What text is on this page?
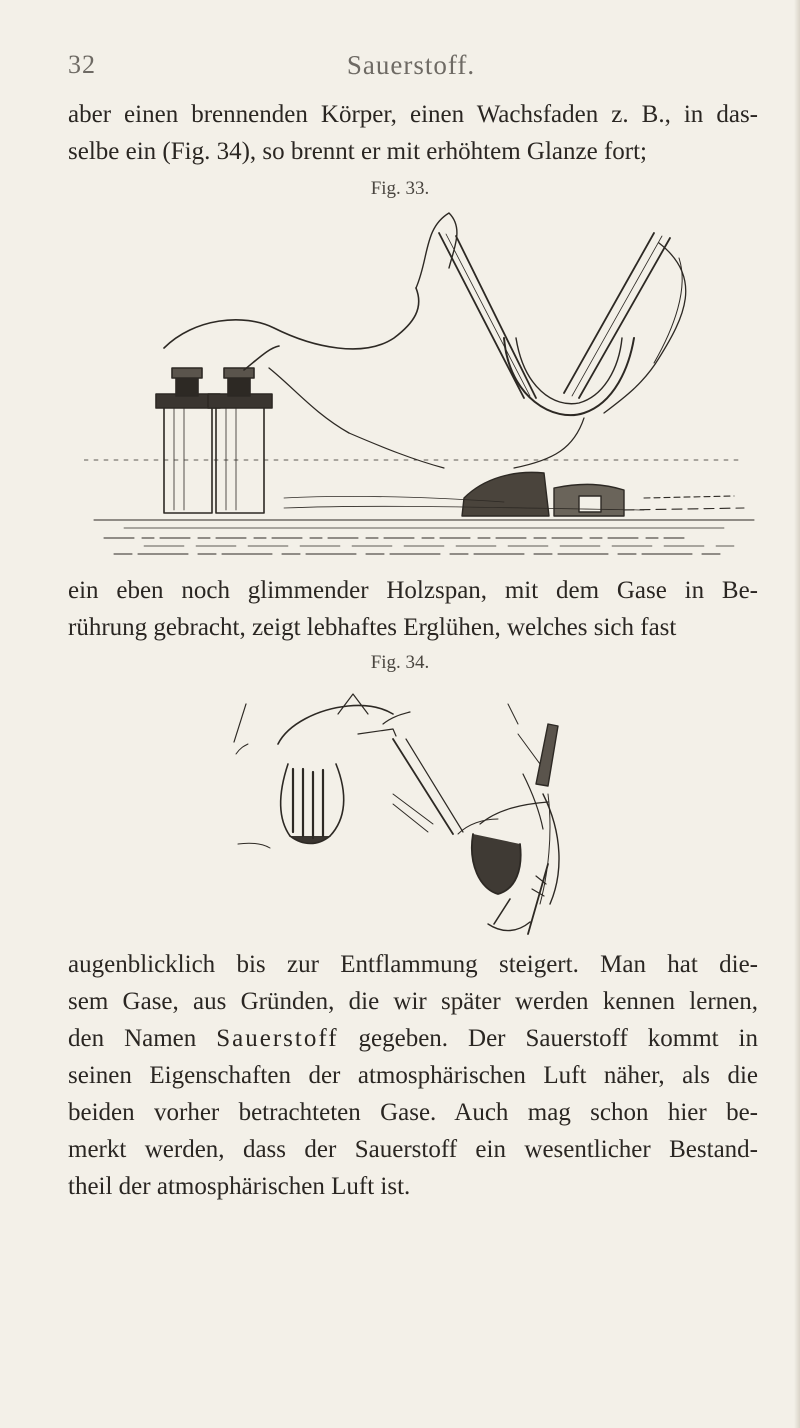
32	Sauerstoff.

aber einen brennenden Körper, einen Wachsfaden z. B., in das-
selbe ein (Fig. 34), so brennt er mit erhöhtem Glanze fort;

Fig. 33.

ein eben noch glimmender Holzspan, mit dem Gase in Be-
rührung gebracht, zeigt lebhaftes Erglühen, welches sich fast

Fig. 34.

augenblicklich bis zur Entflammung steigert. Man hat die-
sem Gase, aus Gründen, die wir später werden kennen lernen,
den Namen Sauerstoff gegeben. Der Sauerstoff kommt in
seinen Eigenschaften der atmosphärischen Luft näher, als die
beiden vorher betrachteten Gase. Auch mag schon hier be-
merkt werden, dass der Sauerstoff ein wesentlicher Bestand-
theil der atmosphärischen Luft ist.
